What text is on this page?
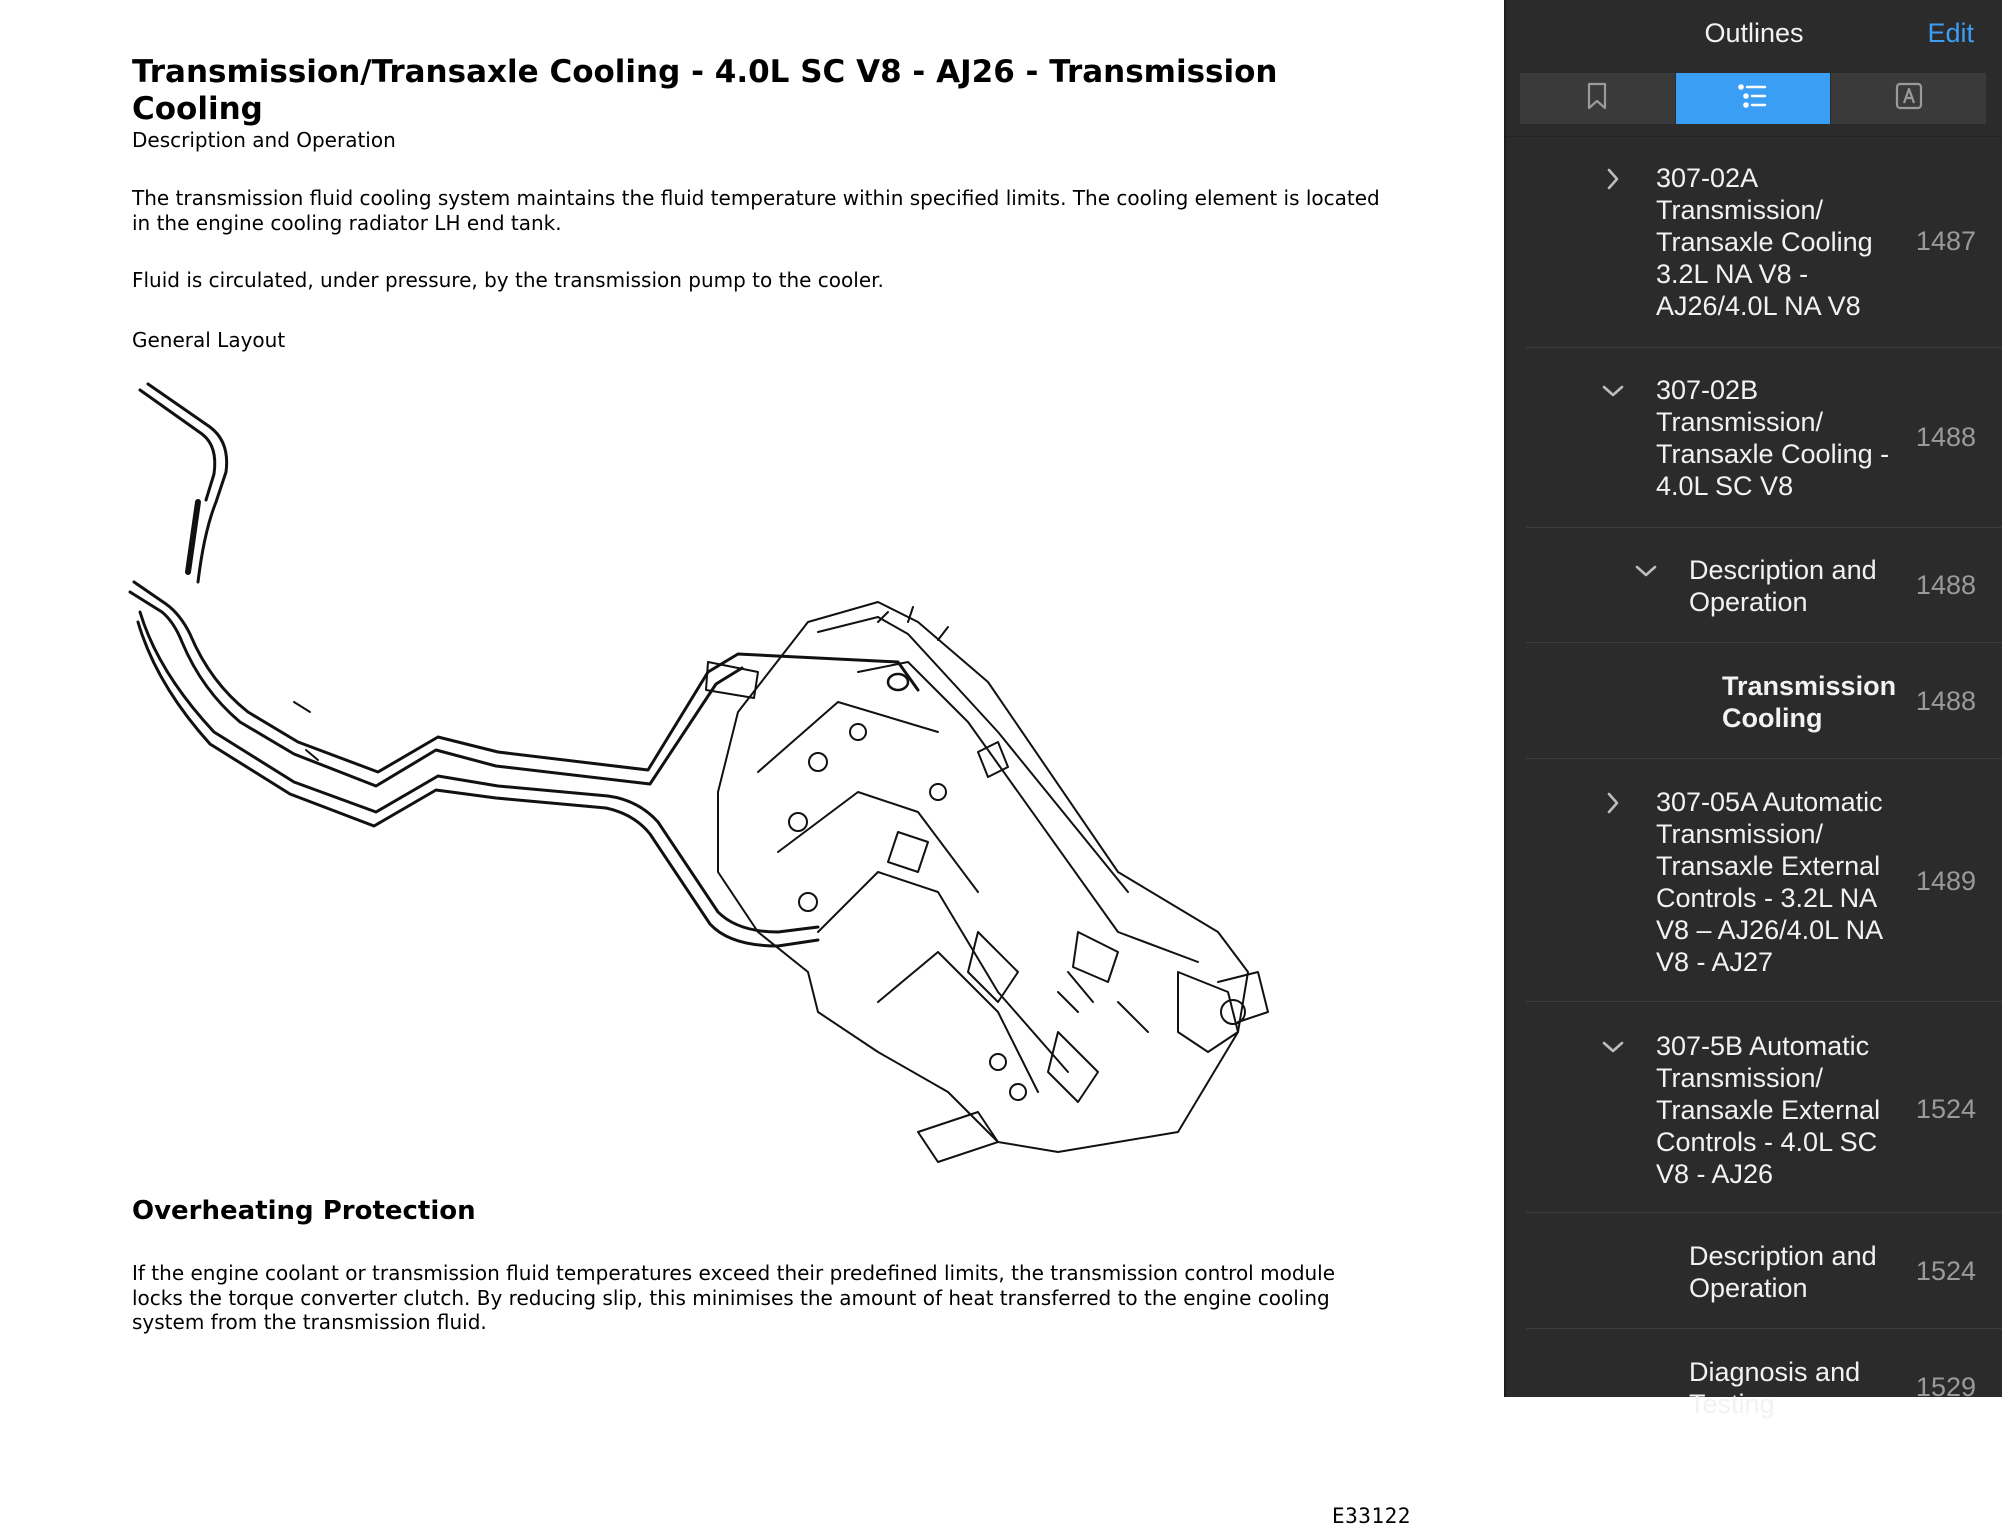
Transmission/Transaxle Cooling - 4.0L SC V8 - AJ26 - Transmission Cooling
Description and Operation

The transmission fluid cooling system maintains the fluid temperature within specified limits. The cooling element is located in the engine cooling radiator LH end tank.

Fluid is circulated, under pressure, by the transmission pump to the cooler.

General Layout
E33122
Overheating Protection

If the engine coolant or transmission fluid temperatures exceed their predefined limits, the transmission control module locks the torque converter clutch. By reducing slip, this minimises the amount of heat transferred to the engine cooling system from the transmission fluid.

Outlines	Edit
307-02A
Transmission/
Transaxle Cooling
3.2L NA V8 -
AJ26/4.0L NA V8
1487
307-02B
Transmission/
Transaxle Cooling -
4.0L SC V8
1488
Description and
Operation
1488
Transmission
Cooling
1488
307-05A Automatic
Transmission/
Transaxle External
Controls - 3.2L NA
V8 – AJ26/4.0L NA
V8 - AJ27
1489
307-5B Automatic
Transmission/
Transaxle External
Controls - 4.0L SC
V8 - AJ26
1524
Description and
Operation
1524
Diagnosis and
Testing
1529
